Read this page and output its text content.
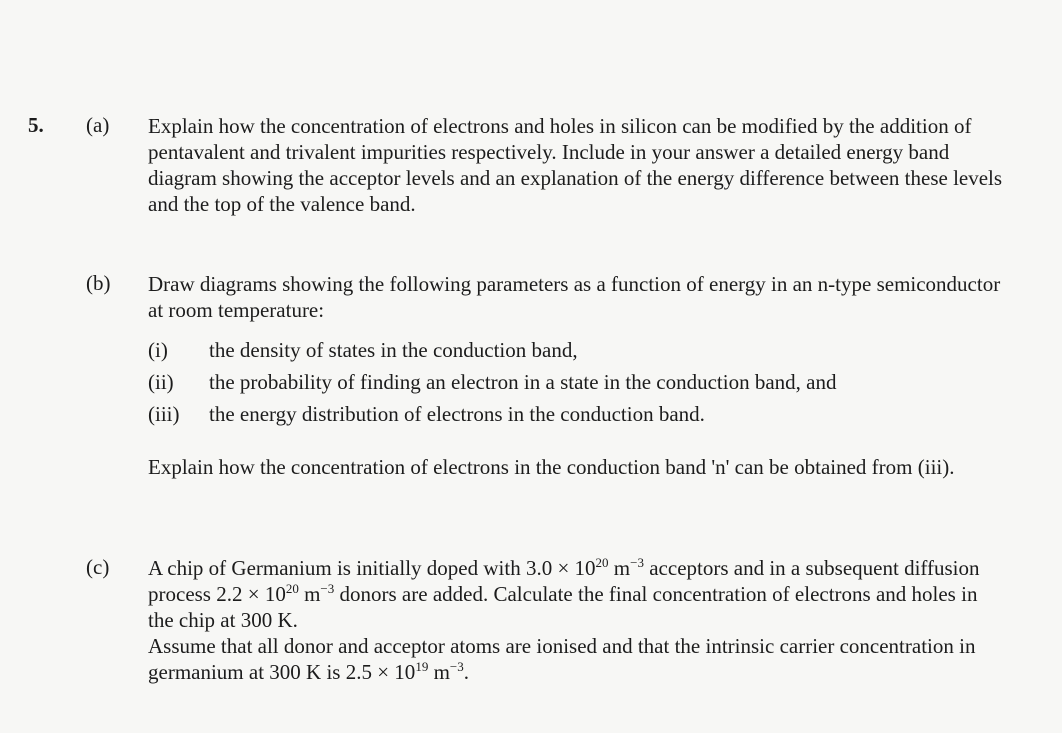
5. (a) Explain how the concentration of electrons and holes in silicon can be modified by the addition of pentavalent and trivalent impurities respectively. Include in your answer a detailed energy band diagram showing the acceptor levels and an explanation of the energy difference between these levels and the top of the valence band.

(b) Draw diagrams showing the following parameters as a function of energy in an n-type semiconductor at room temperature:

(i) the density of states in the conduction band,
(ii) the probability of finding an electron in a state in the conduction band, and
(iii) the energy distribution of electrons in the conduction band.

Explain how the concentration of electrons in the conduction band 'n' can be obtained from (iii).

(c) A chip of Germanium is initially doped with $3.0 \times 10^{20}$ $m^{-3}$ acceptors and in a subsequent diffusion process $2.2 \times 10^{20}$ $m^{-3}$ donors are added. Calculate the final concentration of electrons and holes in the chip at 300 K.
Assume that all donor and acceptor atoms are ionised and that the intrinsic carrier concentration in germanium at 300 K is $2.5 \times 10^{19}$ $m^{-3}$.
